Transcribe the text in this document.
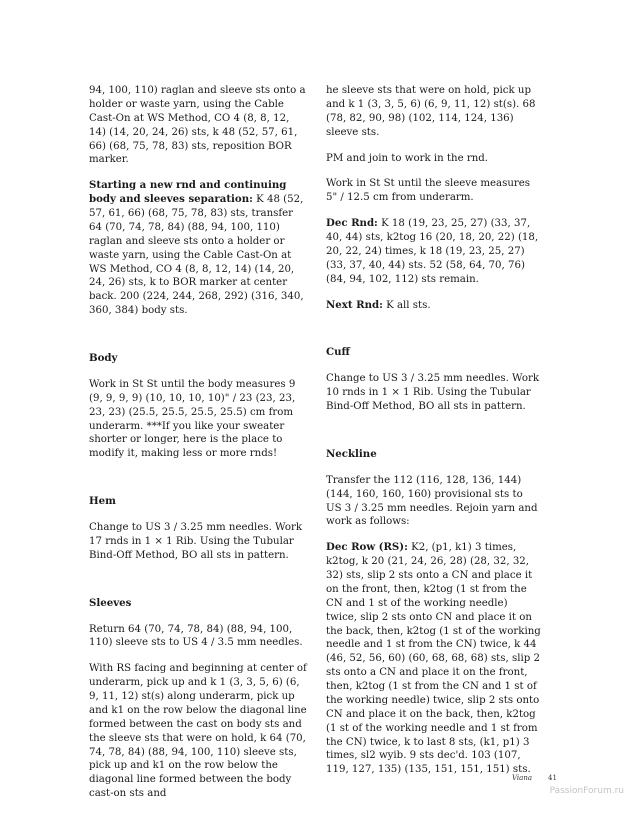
94, 100, 110) raglan and sleeve sts onto a holder or waste yarn, using the Cable Cast-On at WS Method, CO 4 (8, 8, 12, 14) (14, 20, 24, 26) sts, k 48 (52, 57, 61, 66) (68, 75, 78, 83) sts, reposition BOR marker.

Starting a new rnd and continuing body and sleeves separation: K 48 (52, 57, 61, 66) (68, 75, 78, 83) sts, transfer 64 (70, 74, 78, 84) (88, 94, 100, 110) raglan and sleeve sts onto a holder or waste yarn, using the Cable Cast-On at WS Method, CO 4 (8, 8, 12, 14) (14, 20, 24, 26) sts, k to BOR marker at center back. 200 (224, 244, 268, 292) (316, 340, 360, 384) body sts.

Body

Work in St St until the body measures 9 (9, 9, 9, 9) (10, 10, 10, 10)" / 23 (23, 23, 23, 23) (25.5, 25.5, 25.5, 25.5) cm from underarm. ***If you like your sweater shorter or longer, here is the place to modify it, making less or more rnds!

Hem

Change to US 3 / 3.25 mm needles. Work 17 rnds in 1 × 1 Rib. Using the Tubular Bind-Off Method, BO all sts in pattern.

Sleeves

Return 64 (70, 74, 78, 84) (88, 94, 100, 110) sleeve sts to US 4 / 3.5 mm needles.

With RS facing and beginning at center of underarm, pick up and k 1 (3, 3, 5, 6) (6, 9, 11, 12) st(s) along underarm, pick up and k1 on the row below the diagonal line formed between the cast on body sts and the sleeve sts that were on hold, k 64 (70, 74, 78, 84) (88, 94, 100, 110) sleeve sts, pick up and k1 on the row below the diagonal line formed between the body cast-on sts and

he sleeve sts that were on hold, pick up and k 1 (3, 3, 5, 6) (6, 9, 11, 12) st(s). 68 (78, 82, 90, 98) (102, 114, 124, 136) sleeve sts.

PM and join to work in the rnd.

Work in St St until the sleeve measures 5" / 12.5 cm from underarm.

Dec Rnd: K 18 (19, 23, 25, 27) (33, 37, 40, 44) sts, k2tog 16 (20, 18, 20, 22) (18, 20, 22, 24) times, k 18 (19, 23, 25, 27) (33, 37, 40, 44) sts. 52 (58, 64, 70, 76) (84, 94, 102, 112) sts remain.

Next Rnd: K all sts.

Cuff

Change to US 3 / 3.25 mm needles. Work 10 rnds in 1 × 1 Rib. Using the Tubular Bind-Off Method, BO all sts in pattern.

Neckline

Transfer the 112 (116, 128, 136, 144) (144, 160, 160, 160) provisional sts to US 3 / 3.25 mm needles. Rejoin yarn and work as follows:

Dec Row (RS): K2, (p1, k1) 3 times, k2tog, k 20 (21, 24, 26, 28) (28, 32, 32, 32) sts, slip 2 sts onto a CN and place it on the front, then, k2tog (1 st from the CN and 1 st of the working needle) twice, slip 2 sts onto CN and place it on the back, then, k2tog (1 st of the working needle and 1 st from the CN) twice, k 44 (46, 52, 56, 60) (60, 68, 68, 68) sts, slip 2 sts onto a CN and place it on the front, then, k2tog (1 st from the CN and 1 st of the working needle) twice, slip 2 sts onto CN and place it on the back, then, k2tog (1 st of the working needle and 1 st from the CN) twice, k to last 8 sts, (k1, p1) 3 times, sl2 wyib. 9 sts dec'd. 103 (107, 119, 127, 135) (135, 151, 151, 151) sts.

Viana 41
PassionForum.ru
